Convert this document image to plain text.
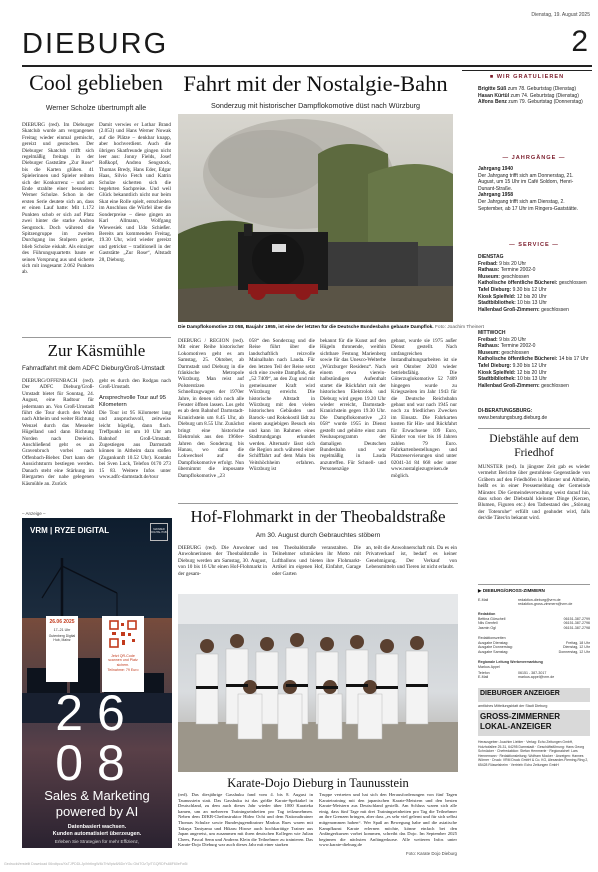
Dienstag, 19. August 2025
DIEBURG	2
Cool geblieben
Werner Scholze übertrumpft alle
DIEBURG (red). Im Dieburger Skatclub wurde am vergangenen Freitag wieder einmal gemischt, gereizt und gestochen. Der Dieburger Skatclub trifft sich regelmäßig freitags in der Dieburger Gaststätte „Zur Rose“ bis die Karten glühen. 41 Spielerinnen und Spieler reihten sich der Konkurrenz – und am Ende strahlte einer besonders: Werner Scholze. Schon in der ersten Serie deutete sich an, dass er einen Lauf hatte: Mit 1.172 Punkten schob er sich auf Platz zwei hinter die starke Andrea Sengstock. Doch während die Spitzengruppe im zweiten Durchgang ins Stolpern geriet, blieb Scholze eiskalt. Als einziger des Führungsquartetts baute er seinen Vorsprung aus und sicherte sich mit insgesamt 2.062 Punkten ab.
Damit verwies er Lothar Brand (2.053) und Hans Werner Nowak auf die Plätze – denkbar knapp, aber hochverdient. Auch die übrigen Skatfreunde gingen nicht leer aus: Jonny Fields, Josef Roßkopf, Andrea Sengstock, Thomas Bredy, Hans Eder, Edgar Haas, Silvio Fetch und Katrin Schulze sicherten sich die begehrten Sachpreise. Und weil Glück bekanntlich nicht nur beim Skat eine Rolle spielt, entschieden im Anschluss die Würfel über die Sonderpreise – diese gingen an Karl Allmann, Wolfgang Wiewesiek und Udo Schießer. Bereits am kommenden Freitag, 19.30 Uhr, wird wieder gereizt und getrickst – traditionell in der Gaststätte „Zur Rose“, Altstadt 28, Dieburg.
Zur Käsmühle
Fahrradfahrt mit dem ADFC Dieburg/Groß-Umstadt
DIEBURG/OFFENBACH (red). Der ADFC Dieburg/Groß-Umstadt bietet für Sonntag, 24. August, eine Radtour für jedermann an. Von Groß-Umstadt führt die Tour durch den Wald nach Altheim und weiter Richtung Wenzel durch das Messeler Hügelland und dann Richtung Norden nach Dreieich. Anschließend geht es an Gravenbruch vorbei nach Offenbach-Bieber. Dort kann der Aussichtsturm bestiegen werden. Danach steht eine Stärkung im Biergarten der nahe gelegenen Käsmühle an. Zurück
geht es durch den Rodgau nach Groß-Umstadt.
Ansprechvolle Tour auf 95 Kilometern
Die Tour ist 95 Kilometer lang und anspruchsvoll, zeitweise leicht hügelig, dann flach. Treffpunkt ist um 10 Uhr am Bahnhof Groß-Umstadt. Zugestiegen aus Darmstadt können in Altheim dazu stoßen (Zugankunft 10.52 Uhr). Kontakt bei Sven Luck, Telefon 0170 273 15 83. Weitere Infos unter www.adfc-darmstadt.de/tour
– Anzeige –
VRM | RYZE DIGITAL	MAINZER DIGITAL HUB
26.06 2025
17–21 Uhr
Gutenberg Digital Hub, Mainz
Jetzt QR-Code scannen und Platz sichern.
Teilnahme: 79 Euro
26
08
Sales & Marketing
powered by AI
Datenbasiert wachsen.
Kunden automatisiert überzeugen.
Erleben Sie Strategien für mehr Effizienz,
Fahrt mit der Nostalgie-Bahn
Sonderzug mit historischer Dampflokomotive düst nach Würzburg
Die Dampflokomotive 23 058, Baujahr 1955, ist eine der letzten für die Deutsche Bundesbahn gebaute Dampflok. Foto: Joachim Theinert
DIEBURG / REGION (red). Mit einer Reihe historischer Lokomotiven geht es am Samstag, 25. Oktober, ab Darmstadt und Dieburg in die fränkische Metropole Würzburg. Man reist auf Polsterstizen in Schnellzugwagen der 1970er Jahre, in denen sich noch alle Fenster öffnen lassen. Los geht es ab dem Bahnhof Darmstadt-Kranichstein um 8.45 Uhr, ab Dieburg um 8.55 Uhr. Zunächst bringt eine historische Elektrolok aus den 1960er-Jahren den Sonderzug bis Hanau, wo dann die Lokwechsel auf die Dampflokomotive erfolgt. Nun übernimmt die imposante Dampflokomotive „23
058“ den Sonderzug und die Reise führt über die landschaftlich reizvolle Mainalbahn nach Laudа. Für den letzten Teil der Reise setzt sich eine zweite Dampflok, die „52 7409“, an den Zug und mit gemeinsamer Kraft wird Würzburg erreicht. Die historische Altstadt in Würzburg mit den vielen historischen Gebäuden und Barock- und Rokokostil lädt zu einem ausgiebigen Besuch ein und kann im Rahmen eines Stadtrundgangs erkundet werden. Alternativ lässt sich die Region auch während einer Schifffahrt auf dem Main bis Veitshöchheim erfahren. Würzburg ist
bekannt für die Kunst auf den Hügeln thronende, weithin sichtbare Festung Marienberg sowie für das Unesco-Welterbe „Würzburger Residenz“. Nach einem etwa vierein-halbstündigen Aufenthalt startet die Rückfahrt mit der historischen Elektrolok und Dieburg wird gegen 19.20 Uhr wieder erreicht, Darmstadt-Kranichstein gegen 19.30 Uhr. Die Dampflokomotive „23 058“ wurde 1955 in Dienst gestellt und gehörte einst zum Neubauprogramm der damaligen Deutschen Bundesbahn und war regelmäßig in Laudа anzutreffen. Für Schnell- und Personenzüge
gebaut, wurde sie 1975 außer Dienst gestellt. Nach umfangreichen Instandhaltungsarbeiten ist sie seit Oktober 2020 wieder betriebsfähig. Die Güterzuglokomotive 52 7409 hingegen wurde zu Kriegszeiten im Jahr 1943 für die Deutsche Reichsbahn gebaut und war nach 1945 nur noch zu friedlichen Zwecken im Einsatz. Die Fahrkarten kosten für Hin- und Rückfahrt für Erwachsene 109 Euro, Kinder von vier bis 16 Jahren zahlen 79 Euro. Fahrkartenbestellungen und Platzreservierungen sind unter 02041-34 84 668 oder unter www.nostalgiezugreisen.de möglich.
Hof-Flohmarkt in der Theobaldstraße
Am 30. August durch Gebrauchtes stöbern
DIEBURG (red). Die Anwohner und Anwohnerinnen der Theobaldstraße in Dieburg werden am Samstag, 30. August, von 10 bis 16 Uhr einen Hof-Flohmarkt in der gesam-
ten Theobaldstraße veranstalten. Die Teilnehmer schmücken ihr Motto mit Luftballons und bieten ihre Flohmarkt-Artikel im eigenen Hof, Einfahrt, Garage oder Garten
an, teilt die Anwohnerschaft mit. Da es ein Privatverkauf ist, bedarf es keiner Genehmigung. Der Verkauf von Lebensmitteln und Tieren ist nicht erlaubt.
Karate-Dojo Dieburg in Taunusstein
(red). Das diesjährige Gasshuku fand vom 4. bis 8. August in Taunusstein statt. Das Gasshuku ist das größte Karate-Spektakel in Deutschland, zu dem auch dieses Jahr wieder über 1000 Karateka kamen, um an mehreren Trainingseinheiten pro Tag teilzunehmen. Neben dem DJKB-Chefinstruktor Hideo Ochi und dem Nationaltrainer Thomas Schulze sowie Bundesjugendtrainer Markus Rues waren mit Takuya Taniyama und Hikaru Hirose auch hochkarätige Trainer aus Japan angereist, um zusammen mit ihren deutschen Kollegen wie Julian Chees, Pascal Senn und Andreas Klein die Teilnehmer zu trainieren. Das Karate-Dojo Dieburg war auch dieses Jahr mit einer starken
Truppe vertreten und hat sich den Herausforderungen von fünf Tagen Karatetraining mit den japanischen Karate-Meistern und den besten Karate-Meistern aus Deutschland gestellt. Am Schluss waren sich alle einig, dass fünf Tage mit drei Trainingseinheiten pro Tag die Teilnehmer an ihre Grenzen bringen, aber dass „es sehr viel gelernt und für sich selbst mitgenommen haben“. Wer Spaß an Bewegung habe und die asiatische Kampfkunst Karate erlernen möchte, könne einfach bei den Anfängerkursen vorbei kommen, schreibt das Dojo. Im September 2025 beginnen die nächsten Anfängerkurse. Alle weiteren Infos unter www.karate-dieburg.de
Foto: Karate Dojo Dieburg
■ WIR GRATULIEREN
Brigitte Süß zum 78. Geburtstag (Dienstag)
Hasan Kürtül zum 74. Geburtstag (Dienstag)
Alfons Benz zum 79. Geburtstag (Donnerstag)
— JAHRGÄNGE —
Jahrgang 1940
Der Jahrgang trifft sich am Donnerstag, 21. August, um 15 Uhr im Café Soldorn, Henri-Dunant-Straße.
Jahrgang 1958
Der Jahrgang trifft sich am Dienstag, 2. September, ab 17 Uhr im Ringers-Gaststätte.
— SERVICE —
DIENSTAG
Freibad: 9 bis 20 Uhr
Rathaus: Termine 2002-0
Museum: geschlossen
Katholische öffentliche Bücherei: geschlossen
Tafel Dieburg: 9.30 bis 12 Uhr
Kiosk Spielfeld: 12 bis 20 Uhr
Stadtbibliothek: 10 bis 13 Uhr
Hallenbad Groß-Zimmern: geschlossen
MITTWOCH
Freibad: 9 bis 20 Uhr
Rathaus: Termine 2002-0
Museum: geschlossen
Katholische öffentliche Bücherei: 14 bis 17 Uhr
Tafel Dieburg: 9.30 bis 12 Uhr
Kiosk Spielfeld: 12 bis 20 Uhr
Stadtbibliothek: 10 bis 13 Uhr
Hallenbad Groß-Zimmern: geschlossen
DI-BERATUNGSBURG:
www.beratungsburg.dieburg.de
Diebstähle auf dem Friedhof
MÜNSTER (red). In jüngster Zeit gab es wieder vermehrt Berichte über gestohlene Gegenstände von Gräbern auf den Friedhöfen in Münster und Altheim, heißt es in einer Pressemeldung der Gemeinde Münster. Die Gemeindeverwaltung weist darauf hin, dass schon der Diebstahl kleinster Dinge (Kerzen, Blumen, Figuren etc.) den Tatbestand des „Störung der Totenruhe“ erfüllt und geahndet wird, falls der/die Täter/in bekannt wird.
▶ DIEBURG/GROSS-ZIMMERN
E-Mail	redaktion-dieburg@vrm.de
redaktion-gross-zimmern@vrm.de
Redaktion
Bettina Gürschell	06151-387-2799
Nils Grenfell	06151-387-2796
Jasmin Ogl	06151-387-2798
Redaktionszeiten
Ausgabe Dienstag:	Freitag, 18 Uhr
Ausgabe Donnerstag:	Dienstag, 12 Uhr
Ausgabe Samstag:	Donnerstag, 12 Uhr
Regionale Leitung Werbevermarktung
Markus Appel
Telefon	06151 - 387-3017
E-Mail	markus.appel@vrm.de
DIEBURGER ANZEIGER
amtliches Mitteilungsblatt der Stadt Dieburg
GROSS-ZIMMERNER
LOKAL-ANZEIGER
Herausgeber: Joachim Liebler · Verlag: Echo Zeitungen GmbH, Holzhofallee 25-31, 64295 Darmstadt · Geschäftsführung: Hans Georg Schnücker · Chefredaktion: Stefan Hemmerle · Regionalchef: Lars Hennemann · Redaktionsleitung: Wolfram Mocker · Anzeigen: Hannes Wörner · Druck: VRM Druck GmbH & Co. KG, Alexander-Fleming-Ring 2, 65428 Rüsselsheim · Vertrieb: Echo Zeitungen GmbH
Gedruckt/erstellt Download 06vdtpcc/XsTJPDDLJp/hhtIngW4kThWptz8/6DnYGu GtdTOzTy/TGQRDFs88F60eFw5i
